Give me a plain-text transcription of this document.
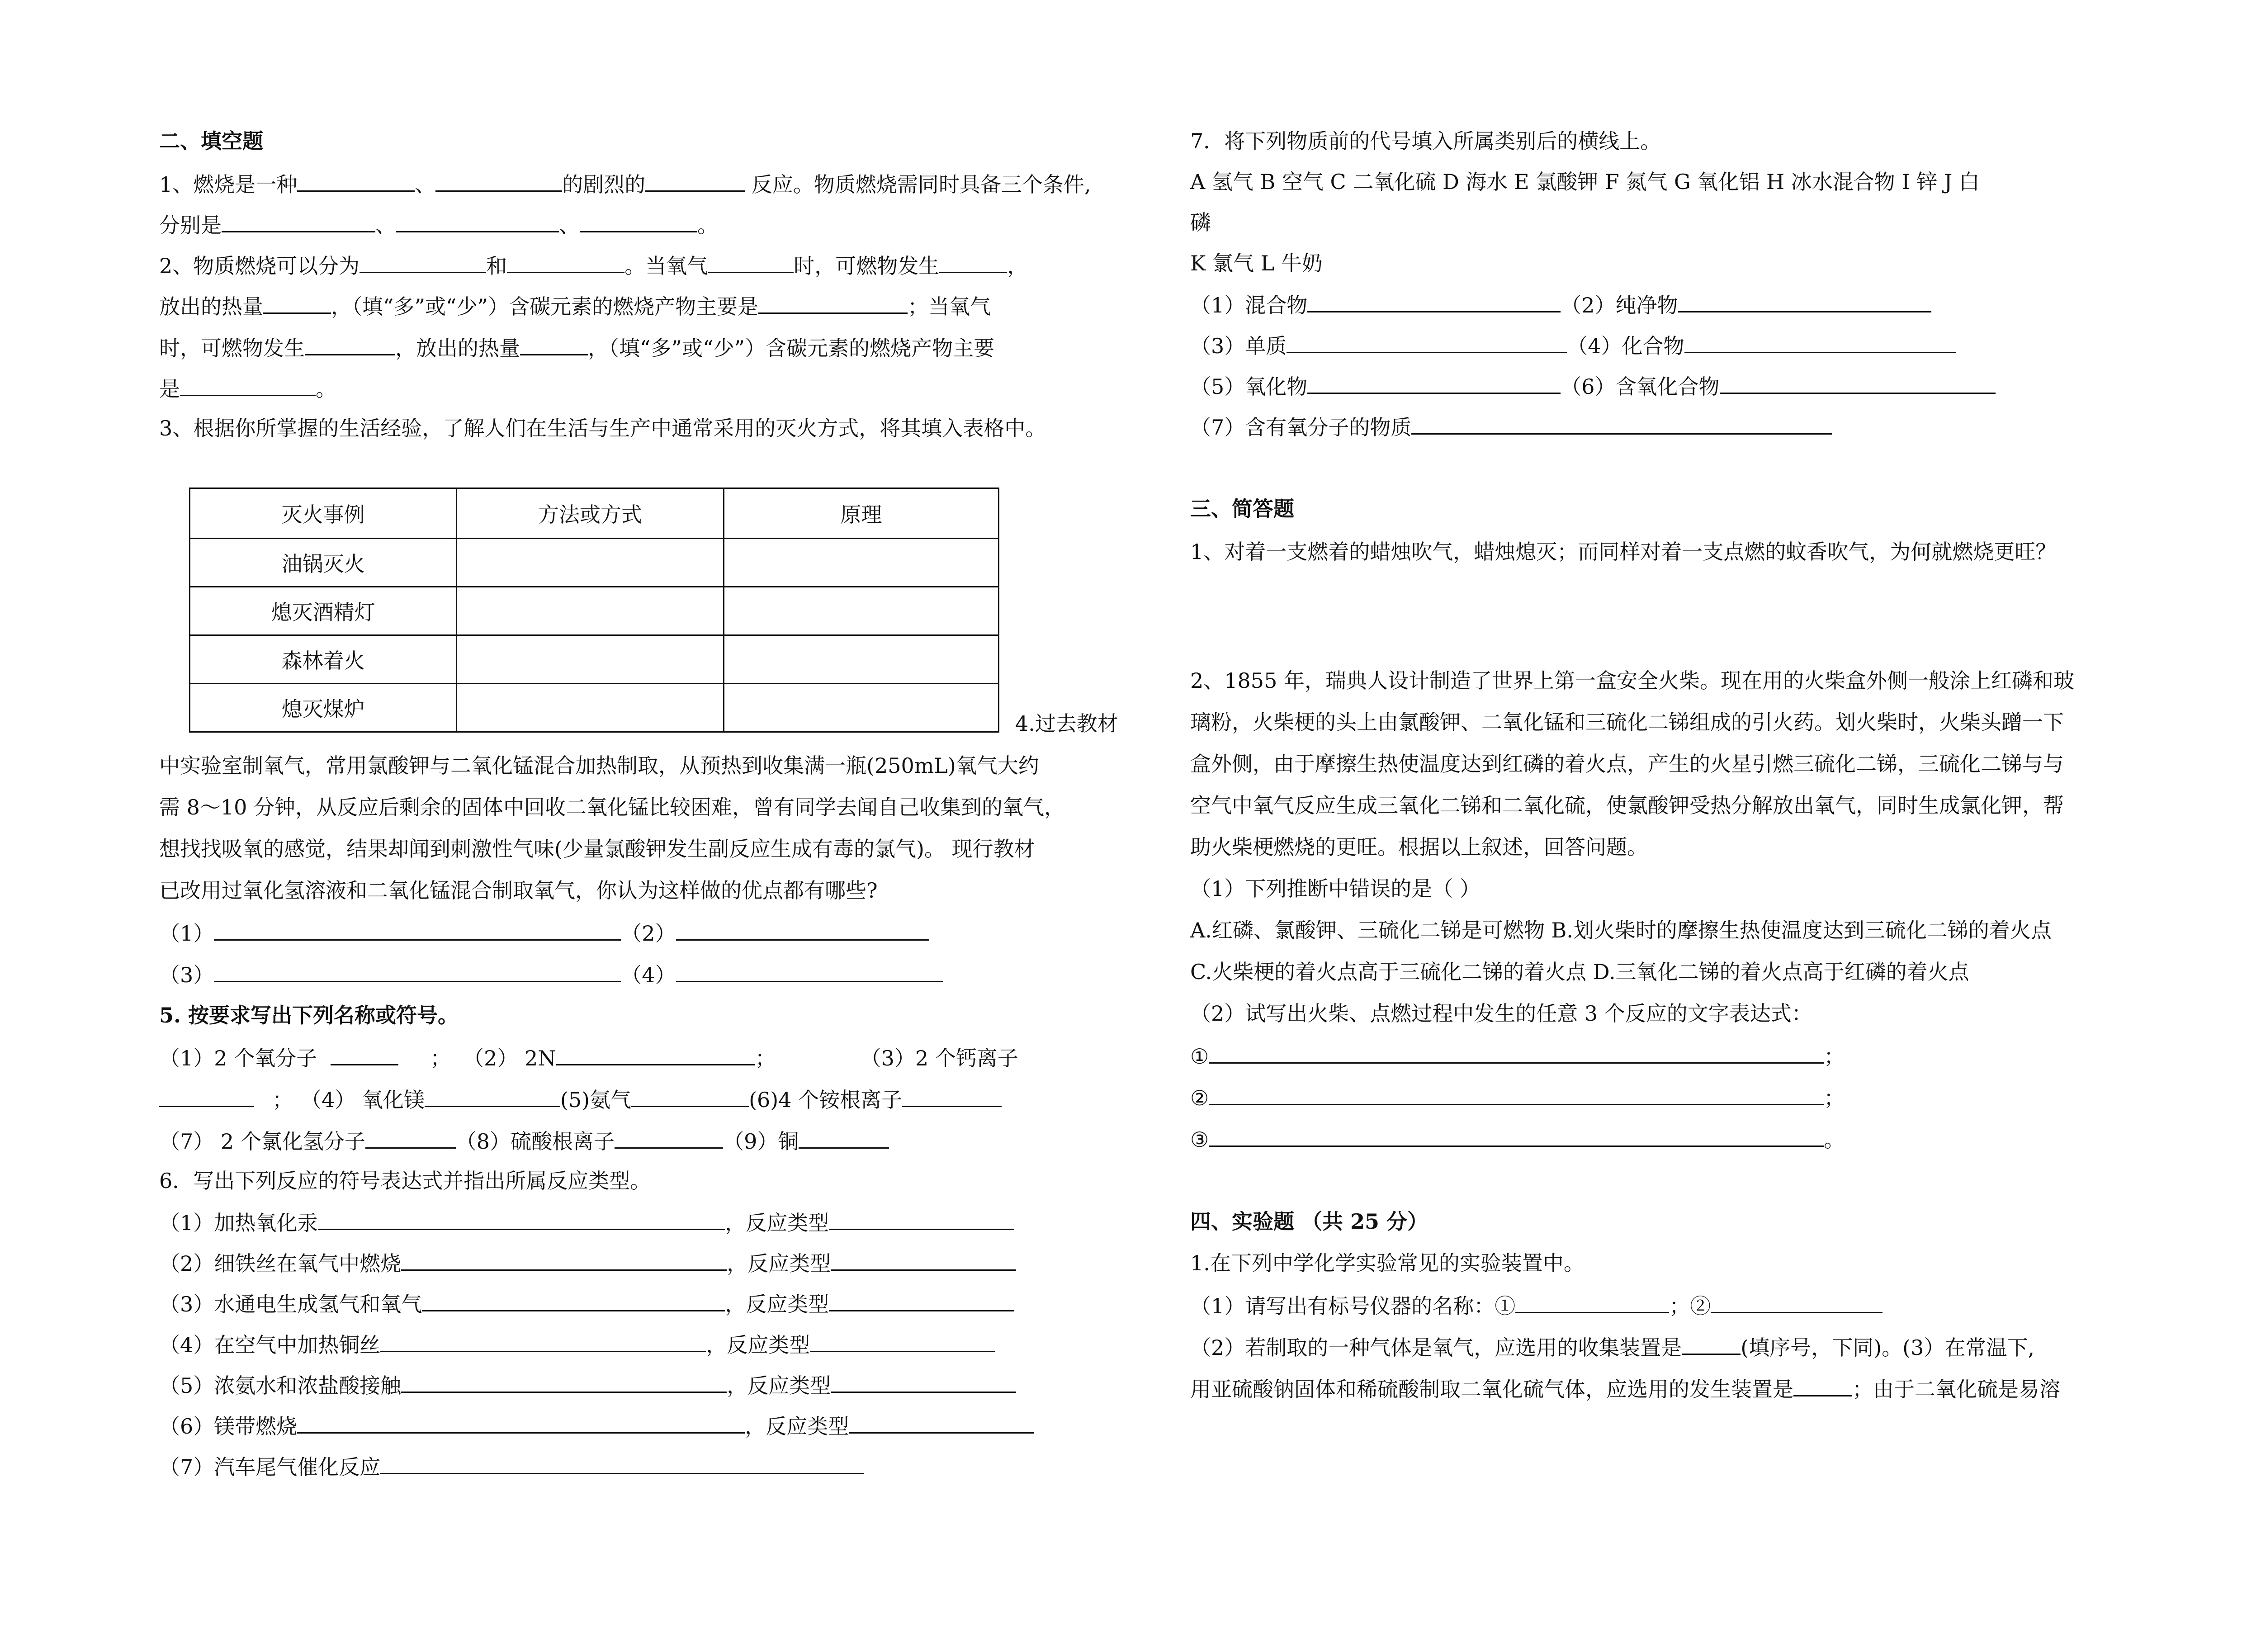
二、填空题
1、燃烧是一种	、	的剧烈的	反应。物质燃烧需同时具备三个条件,
分别是	、	、	。
2、物质燃烧可以分为	和	。当氧气	时，可燃物发生	，
放出的热量	，（填“多”或“少”）含碳元素的燃烧产物主要是	；当氧气
时，可燃物发生	，放出的热量	，（填“多”或“少”）含碳元素的燃烧产物主要
是	。
3、根据你所掌握的生活经验，了解人们在生活与生产中通常采用的灭火方式，将其填入表格中。
灭火事例	方法或方式	原理
油锅灭火		
熄灭酒精灯		
森林着火		
熄灭煤炉		
4.过去教材
中实验室制氧气，常用氯酸钾与二氧化锰混合加热制取，从预热到收集满一瓶(250mL)氧气大约
需 8～10 分钟，从反应后剩余的固体中回收二氧化锰比较困难，曾有同学去闻自己收集到的氧气，
想找找吸氧的感觉，结果却闻到刺激性气味(少量氯酸钾发生副反应生成有毒的氯气)。 现行教材
已改用过氧化氢溶液和二氧化锰混合制取氧气，你认为这样做的优点都有哪些?
（1）	（2）
（3）	（4）
5. 按要求写出下列名称或符号。
（1）2 个氧分子	； （2） 2N	；	（3）2 个钙离子
； （4） 氧化镁	(5)氨气	(6)4 个铵根离子
（7） 2 个氯化氢分子	（8）硫酸根离子	（9）铜
6．写出下列反应的符号表达式并指出所属反应类型。
（1）加热氧化汞	，反应类型
（2）细铁丝在氧气中燃烧	，反应类型
（3）水通电生成氢气和氧气	，反应类型
（4）在空气中加热铜丝	，反应类型
（5）浓氨水和浓盐酸接触	，反应类型
（6）镁带燃烧	，反应类型
（7）汽车尾气催化反应
7．将下列物质前的代号填入所属类别后的横线上。
A 氢气 B 空气 C 二氧化硫 D 海水 E 氯酸钾 F 氮气 G 氧化铝 H 冰水混合物 I 锌 J 白
磷
K 氯气 L 牛奶
（1）混合物	（2）纯净物
（3）单质	（4）化合物
（5）氧化物	（6）含氧化合物
（7）含有氧分子的物质
三、简答题
1、对着一支燃着的蜡烛吹气，蜡烛熄灭；而同样对着一支点燃的蚊香吹气，为何就燃烧更旺？
2、1855 年，瑞典人设计制造了世界上第一盒安全火柴。现在用的火柴盒外侧一般涂上红磷和玻
璃粉，火柴梗的头上由氯酸钾、二氧化锰和三硫化二锑组成的引火药。划火柴时，火柴头蹭一下
盒外侧，由于摩擦生热使温度达到红磷的着火点，产生的火星引燃三硫化二锑，三硫化二锑与与
空气中氧气反应生成三氧化二锑和二氧化硫，使氯酸钾受热分解放出氧气，同时生成氯化钾，帮
助火柴梗燃烧的更旺。根据以上叙述，回答问题。
（1）下列推断中错误的是（ ）
A.红磷、氯酸钾、三硫化二锑是可燃物 B.划火柴时的摩擦生热使温度达到三硫化二锑的着火点
C.火柴梗的着火点高于三硫化二锑的着火点 D.三氧化二锑的着火点高于红磷的着火点
（2）试写出火柴、点燃过程中发生的任意 3 个反应的文字表达式：
①	；
②	；
③	。
四、实验题 （共 25 分）
1.在下列中学化学实验常见的实验装置中。
（1）请写出有标号仪器的名称：①	；②
（2）若制取的一种气体是氧气，应选用的收集装置是	(填序号，下同)。(3）在常温下,
用亚硫酸钠固体和稀硫酸制取二氧化硫气体，应选用的发生装置是	；由于二氧化硫是易溶
